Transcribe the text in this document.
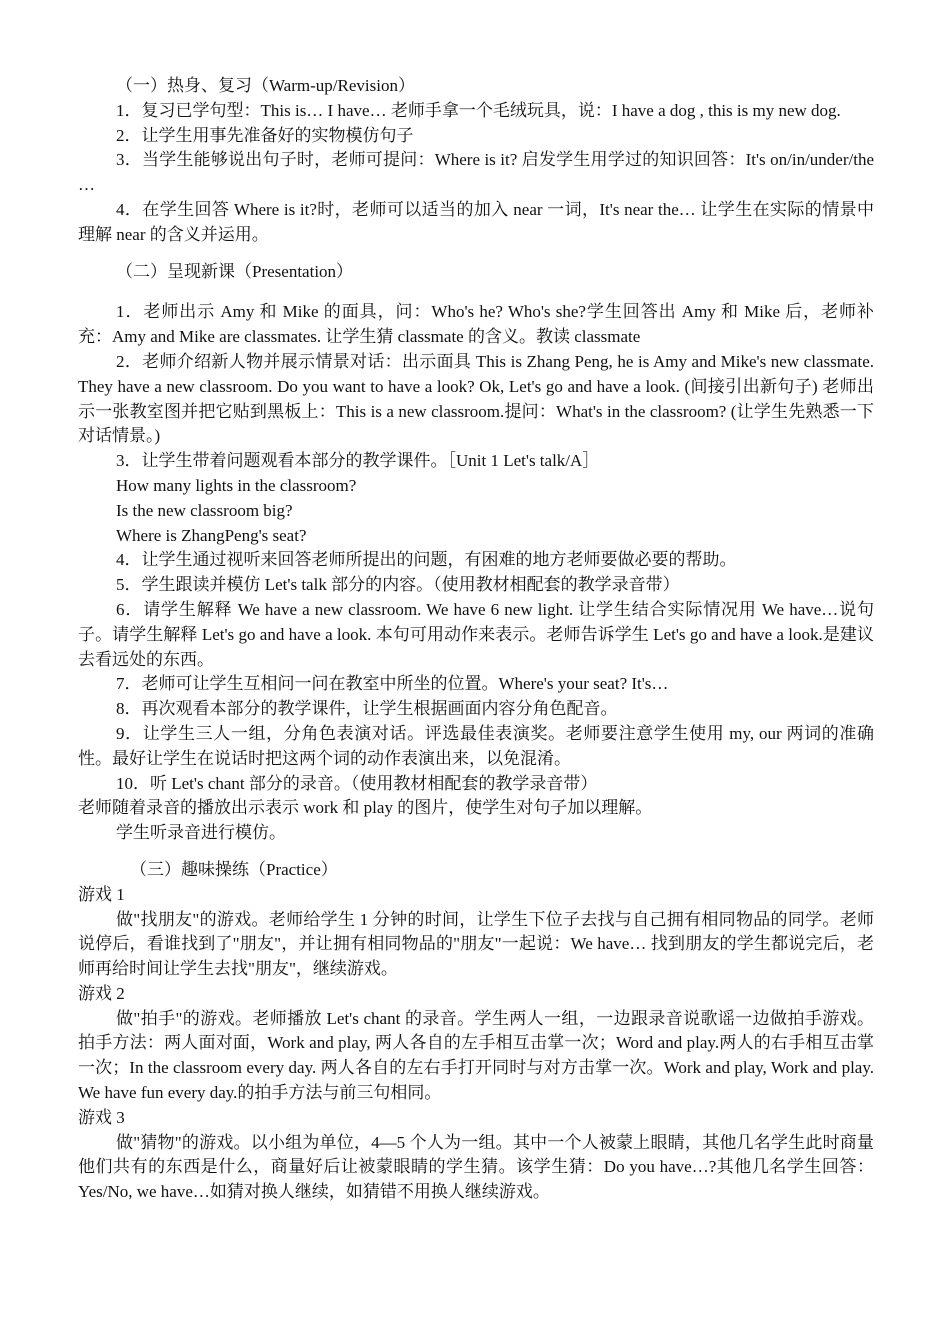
（一）热身、复习（Warm-up/Revision）

1．复习已学句型：This is… I have… 老师手拿一个毛绒玩具，说：I have a dog , this is my new dog.

2．让学生用事先准备好的实物模仿句子

3．当学生能够说出句子时，老师可提问：Where is it? 启发学生用学过的知识回答：It's on/in/under/the …

4．在学生回答 Where is it?时，老师可以适当的加入 near 一词，It's near the… 让学生在实际的情景中理解 near 的含义并运用。

（二）呈现新课（Presentation）

1．老师出示 Amy 和 Mike 的面具，问：Who's he? Who's she?学生回答出 Amy 和 Mike 后，老师补充：Amy and Mike are classmates. 让学生猜 classmate 的含义。教读 classmate

2．老师介绍新人物并展示情景对话：出示面具 This is Zhang Peng, he is Amy and Mike's new classmate. They have a new classroom. Do you want to have a look? Ok, Let's go and have a look. (间接引出新句子) 老师出示一张教室图并把它贴到黑板上：This is a new classroom.提问：What's in the classroom? (让学生先熟悉一下对话情景。)

3．让学生带着问题观看本部分的教学课件。［Unit 1 Let's talk/A］

How many lights in the classroom?

Is the new classroom big?

Where is ZhangPeng's seat?

4．让学生通过视听来回答老师所提出的问题，有困难的地方老师要做必要的帮助。

5．学生跟读并模仿 Let's talk 部分的内容。（使用教材相配套的教学录音带）

6．请学生解释 We have a new classroom. We have 6 new light. 让学生结合实际情况用 We have…说句子。请学生解释 Let's go and have a look. 本句可用动作来表示。老师告诉学生 Let's go and have a look.是建议去看远处的东西。

7．老师可让学生互相问一问在教室中所坐的位置。Where's your seat? It's…

8．再次观看本部分的教学课件，让学生根据画面内容分角色配音。

9．让学生三人一组，分角色表演对话。评选最佳表演奖。老师要注意学生使用 my, our 两词的准确性。最好让学生在说话时把这两个词的动作表演出来，以免混淆。

10．听 Let's chant 部分的录音。（使用教材相配套的教学录音带）

老师随着录音的播放出示表示 work 和 play 的图片，使学生对句子加以理解。

学生听录音进行模仿。

（三）趣味操练（Practice）

游戏 1

做"找朋友"的游戏。老师给学生 1 分钟的时间，让学生下位子去找与自己拥有相同物品的同学。老师说停后，看谁找到了"朋友"，并让拥有相同物品的"朋友"一起说：We have… 找到朋友的学生都说完后，老师再给时间让学生去找"朋友"，继续游戏。

游戏 2

做"拍手"的游戏。老师播放 Let's chant 的录音。学生两人一组，一边跟录音说歌谣一边做拍手游戏。拍手方法：两人面对面，Work and play, 两人各自的左手相互击掌一次；Word and play.两人的右手相互击掌一次；In the classroom every day. 两人各自的左右手打开同时与对方击掌一次。Work and play, Work and play. We have fun every day.的拍手方法与前三句相同。

游戏 3

做"猜物"的游戏。以小组为单位，4—5 个人为一组。其中一个人被蒙上眼睛，其他几名学生此时商量他们共有的东西是什么，商量好后让被蒙眼睛的学生猜。该学生猜：Do you have…?其他几名学生回答：Yes/No, we have…如猜对换人继续，如猜错不用换人继续游戏。
